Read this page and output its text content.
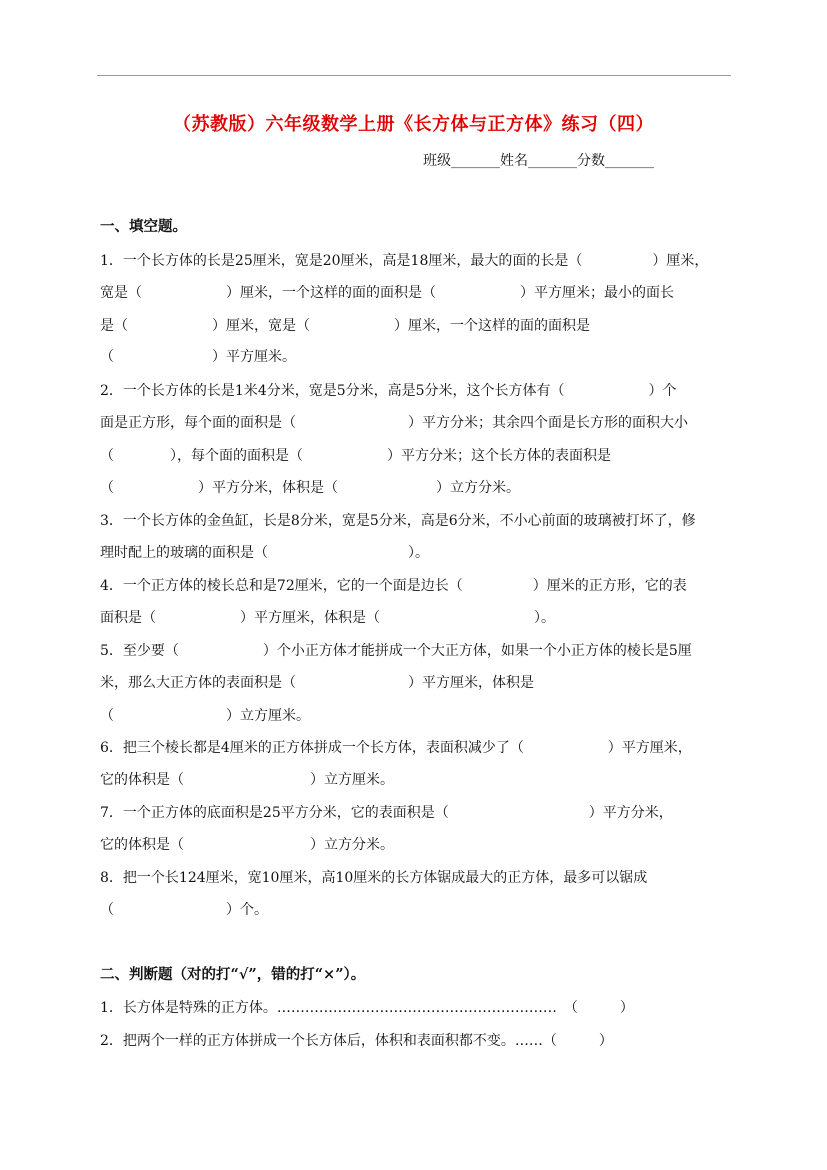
（苏教版）六年级数学上册《长方体与正方体》练习（四）
班级_______姓名_______分数_______
一、填空题。
1．一个长方体的长是25厘米，宽是20厘米，高是18厘米，最大的面的长是（　　　　　）厘米，
宽是（　　　　　　）厘米，一个这样的面的面积是（　　　　　　）平方厘米；最小的面长
是（　　　　　　）厘米，宽是（　　　　　　）厘米，一个这样的面的面积是
（　　　　　　　）平方厘米。
2．一个长方体的长是1米4分米，宽是5分米，高是5分米，这个长方体有（　　　　　　）个
面是正方形，每个面的面积是（　　　　　　　　）平方分米；其余四个面是长方形的面积大小
（　　　　），每个面的面积是（　　　　　　）平方分米；这个长方体的表面积是
（　　　　　　）平方分米，体积是（　　　　　　　）立方分米。
3．一个长方体的金鱼缸，长是8分米，宽是5分米，高是6分米，不小心前面的玻璃被打坏了，修
理时配上的玻璃的面积是（　　　　　　　　　　）。
4．一个正方体的棱长总和是72厘米，它的一个面是边长（　　　　　）厘米的正方形，它的表
面积是（　　　　　　）平方厘米，体积是（　　　　　　　　　　　）。
5．至少要（　　　　　　）个小正方体才能拼成一个大正方体，如果一个小正方体的棱长是5厘
米，那么大正方体的表面积是（　　　　　　　　）平方厘米，体积是
（　　　　　　　　）立方厘米。
6．把三个棱长都是4厘米的正方体拼成一个长方体，表面积减少了（　　　　　　）平方厘米，
它的体积是（　　　　　　　　　）立方厘米。
7．一个正方体的底面积是25平方分米，它的表面积是（　　　　　　　　　　）平方分米，
它的体积是（　　　　　　　　　）立方分米。
8．把一个长124厘米，宽10厘米，高10厘米的长方体锯成最大的正方体，最多可以锯成
（　　　　　　　　）个。
二、判断题（对的打“√”，错的打“×”）。
1．长方体是特殊的正方体。……………………………………………………　（　　　）
2．把两个一样的正方体拼成一个长方体后，体积和表面积都不变。……（　　　）
